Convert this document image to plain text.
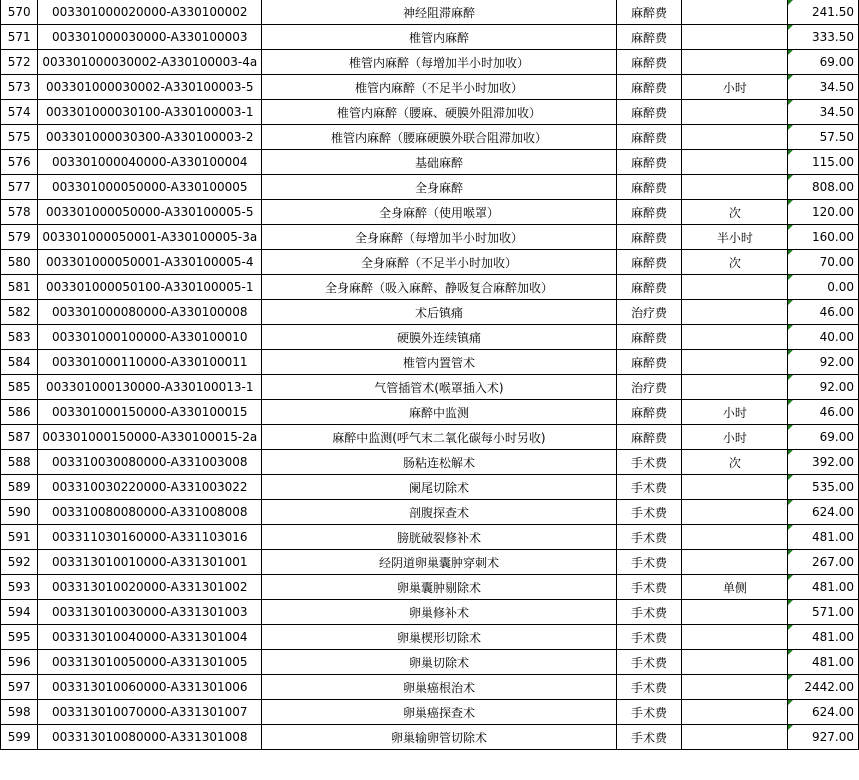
570	003301000020000-A330100002	神经阻滞麻醉	麻醉费		241.50
571	003301000030000-A330100003	椎管内麻醉	麻醉费		333.50
572	003301000030002-A330100003-4a	椎管内麻醉（每增加半小时加收）	麻醉费		69.00
573	003301000030002-A330100003-5	椎管内麻醉（不足半小时加收）	麻醉费	小时	34.50
574	003301000030100-A330100003-1	椎管内麻醉（腰麻、硬膜外阻滞加收）	麻醉费		34.50
575	003301000030300-A330100003-2	椎管内麻醉（腰麻硬膜外联合阻滞加收）	麻醉费		57.50
576	003301000040000-A330100004	基础麻醉	麻醉费		115.00
577	003301000050000-A330100005	全身麻醉	麻醉费		808.00
578	003301000050000-A330100005-5	全身麻醉（使用喉罩）	麻醉费	次	120.00
579	003301000050001-A330100005-3a	全身麻醉（每增加半小时加收）	麻醉费	半小时	160.00
580	003301000050001-A330100005-4	全身麻醉（不足半小时加收）	麻醉费	次	70.00
581	003301000050100-A330100005-1	全身麻醉（吸入麻醉、静吸复合麻醉加收）	麻醉费		0.00
582	003301000080000-A330100008	术后镇痛	治疗费		46.00
583	003301000100000-A330100010	硬膜外连续镇痛	麻醉费		40.00
584	003301000110000-A330100011	椎管内置管术	麻醉费		92.00
585	003301000130000-A330100013-1	气管插管术(喉罩插入术)	治疗费		92.00
586	003301000150000-A330100015	麻醉中监测	麻醉费	小时	46.00
587	003301000150000-A330100015-2a	麻醉中监测(呼气末二氧化碳每小时另收)	麻醉费	小时	69.00
588	003310030080000-A331003008	肠粘连松解术	手术费	次	392.00
589	003310030220000-A331003022	阑尾切除术	手术费		535.00
590	003310080080000-A331008008	剖腹探查术	手术费		624.00
591	003311030160000-A331103016	膀胱破裂修补术	手术费		481.00
592	003313010010000-A331301001	经阴道卵巢囊肿穿刺术	手术费		267.00
593	003313010020000-A331301002	卵巢囊肿剔除术	手术费	单侧	481.00
594	003313010030000-A331301003	卵巢修补术	手术费		571.00
595	003313010040000-A331301004	卵巢楔形切除术	手术费		481.00
596	003313010050000-A331301005	卵巢切除术	手术费		481.00
597	003313010060000-A331301006	卵巢癌根治术	手术费		2442.00
598	003313010070000-A331301007	卵巢癌探查术	手术费		624.00
599	003313010080000-A331301008	卵巢输卵管切除术	手术费		927.00
